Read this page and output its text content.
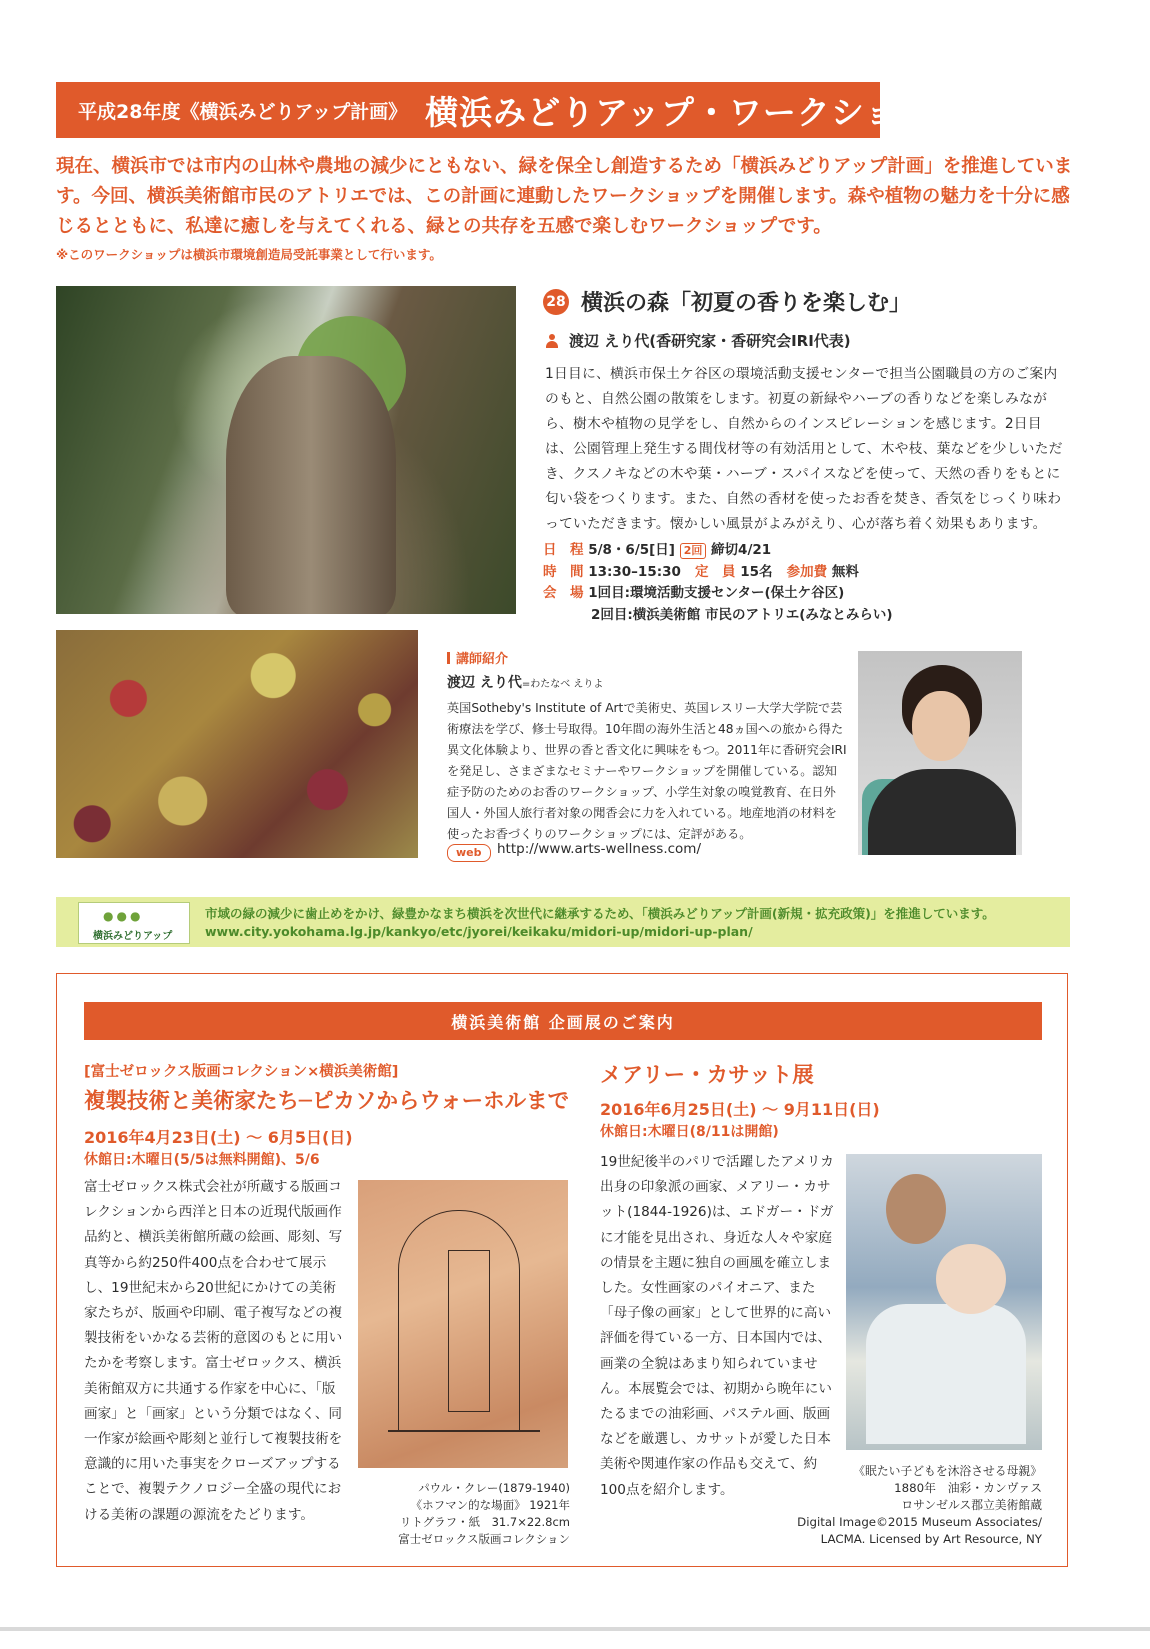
平成28年度《横浜みどりアップ計画》 横浜みどりアップ・ワークショップ
現在、横浜市では市内の山林や農地の減少にともない、緑を保全し創造するため「横浜みどりアップ計画」を推進しています。今回、横浜美術館市民のアトリエでは、この計画に連動したワークショップを開催します。森や植物の魅力を十分に感じるとともに、私達に癒しを与えてくれる、緑との共存を五感で楽しむワークショップです。
※このワークショップは横浜市環境創造局受託事業として行います。
28 横浜の森「初夏の香りを楽しむ」
渡辺 えり代(香研究家・香研究会IRI代表)
1日目に、横浜市保土ケ谷区の環境活動支援センターで担当公園職員の方のご案内のもと、自然公園の散策をします。初夏の新緑やハーブの香りなどを楽しみながら、樹木や植物の見学をし、自然からのインスピレーションを感じます。2日目は、公園管理上発生する間伐材等の有効活用として、木や枝、葉などを少しいただき、クスノキなどの木や葉・ハーブ・スパイスなどを使って、天然の香りをもとに匂い袋をつくります。また、自然の香材を使ったお香を焚き、香気をじっくり味わっていただきます。懐かしい風景がよみがえり、心が落ち着く効果もあります。
日　程 5/8・6/5[日] 2回 締切4/21
時　間 13:30–15:30 定　員 15名 参加費 無料
会　場 1回目:環境活動支援センター(保土ケ谷区)
2回目:横浜美術館 市民のアトリエ(みなとみらい)
講師紹介
渡辺 えり代=わたなべ えりよ
英国Sotheby's Institute of Artで美術史、英国レスリー大学大学院で芸術療法を学び、修士号取得。10年間の海外生活と48ヵ国への旅から得た異文化体験より、世界の香と香文化に興味をもつ。2011年に香研究会IRIを発足し、さまざまなセミナーやワークショップを開催している。認知症予防のためのお香のワークショップ、小学生対象の嗅覚教育、在日外国人・外国人旅行者対象の聞香会に力を入れている。地産地消の材料を使ったお香づくりのワークショップには、定評がある。
web	http://www.arts-wellness.com/
●●●
横浜みどりアップ
市域の緑の減少に歯止めをかけ、緑豊かなまち横浜を次世代に継承するため、「横浜みどりアップ計画(新規・拡充政策)」を推進しています。
www.city.yokohama.lg.jp/kankyo/etc/jyorei/keikaku/midori-up/midori-up-plan/
横浜美術館 企画展のご案内
[富士ゼロックス版画コレクション×横浜美術館]
複製技術と美術家たち─ピカソからウォーホルまで
2016年4月23日(土) 〜 6月5日(日)
休館日:木曜日(5/5は無料開館)、5/6
富士ゼロックス株式会社が所蔵する版画コレクションから西洋と日本の近現代版画作品約と、横浜美術館所蔵の絵画、彫刻、写真等から約250件400点を合わせて展示し、19世紀末から20世紀にかけての美術家たちが、版画や印刷、電子複写などの複製技術をいかなる芸術的意図のもとに用いたかを考察します。富士ゼロックス、横浜美術館双方に共通する作家を中心に、「版画家」と「画家」という分類ではなく、同一作家が絵画や彫刻と並行して複製技術を意識的に用いた事実をクローズアップすることで、複製テクノロジー全盛の現代における美術の課題の源流をたどります。
パウル・クレー(1879-1940)
《ホフマン的な場面》 1921年
リトグラフ・紙　31.7×22.8cm
富士ゼロックス版画コレクション
メアリー・カサット展
2016年6月25日(土) 〜 9月11日(日)
休館日:木曜日(8/11は開館)
19世紀後半のパリで活躍したアメリカ出身の印象派の画家、メアリー・カサット(1844-1926)は、エドガー・ドガに才能を見出され、身近な人々や家庭の情景を主題に独自の画風を確立しました。女性画家のパイオニア、また「母子像の画家」として世界的に高い評価を得ている一方、日本国内では、画業の全貌はあまり知られていません。本展覧会では、初期から晩年にいたるまでの油彩画、パステル画、版画などを厳選し、カサットが愛した日本美術や関連作家の作品も交えて、約100点を紹介します。
《眠たい子どもを沐浴させる母親》
1880年　油彩・カンヴァス
ロサンゼルス郡立美術館蔵
Digital Image©2015 Museum Associates/
LACMA. Licensed by Art Resource, NY
